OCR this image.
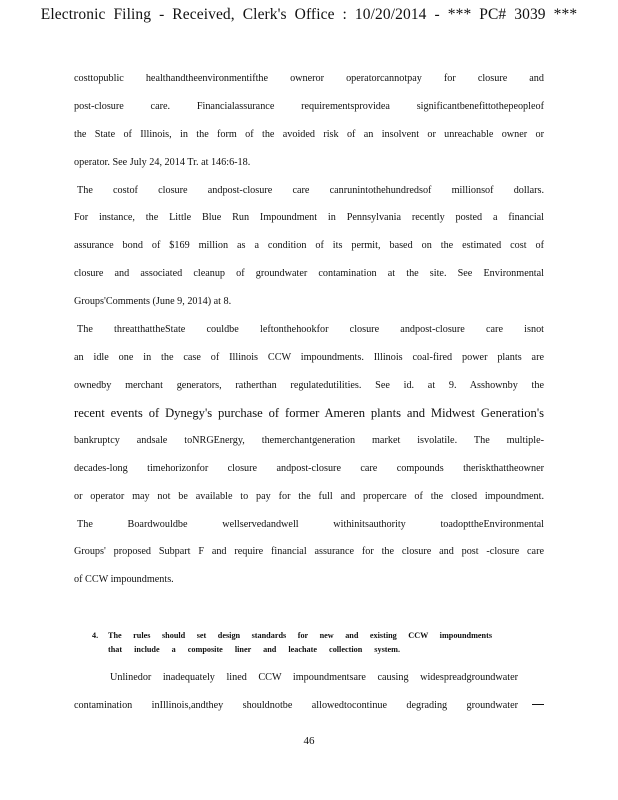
Electronic Filing - Received, Clerk's Office : 10/20/2014 - *** PC# 3039 ***
costtopublic healthandtheenvironmentifthe owneror operatorcannotpay for closure and
post-closure care. Financialassurance requirementsprovidea significantbenefittothepeopleof
the State of Illinois, in the form of the avoided risk of an insolvent or unreachable owner or
operator. See July 24, 2014 Tr. at 146:6-18.
The costof closure andpost-closure care canrunintothehundredsof millionsof dollars.
For instance, the Little Blue Run Impoundment in Pennsylvania recently posted a financial
assurance bond of $169 million as a condition of its permit, based on the estimated cost of
closure and associated cleanup of groundwater contamination at the site. See Environmental
Groups'Comments (June 9, 2014) at 8.
The threatthattheState couldbe leftonthehookfor closure andpost-closure care isnot
an idle one in the case of Illinois CCW impoundments. Illinois coal-fired power plants are
ownedby merchant generators, ratherthan regulatedutilities. See id. at 9. Asshownby the
recent events of Dynegy's purchase of former Ameren plants and Midwest Generation's
bankruptcy andsale toNRGEnergy, themerchantgeneration market isvolatile. The multiple-
decades-long timehorizonfor closure andpost-closure care compounds theriskthattheowner
or operator may not be available to pay for the full and propercare of the closed impoundment.
The Boardwouldbe wellservedandwell withinitsauthority toadopttheEnvironmental
Groups' proposed Subpart F and require financial assurance for the closure and post -closure care
of CCW impoundments.
4. The rules should set design standards for new and existing CCW impoundments
that include a composite liner and leachate collection system.
Unlinedor inadequately lined CCW impoundmentsare causing widespreadgroundwater
contamination inIllinois,andthey shouldnotbe allowedtocontinue degrading groundwater
46
